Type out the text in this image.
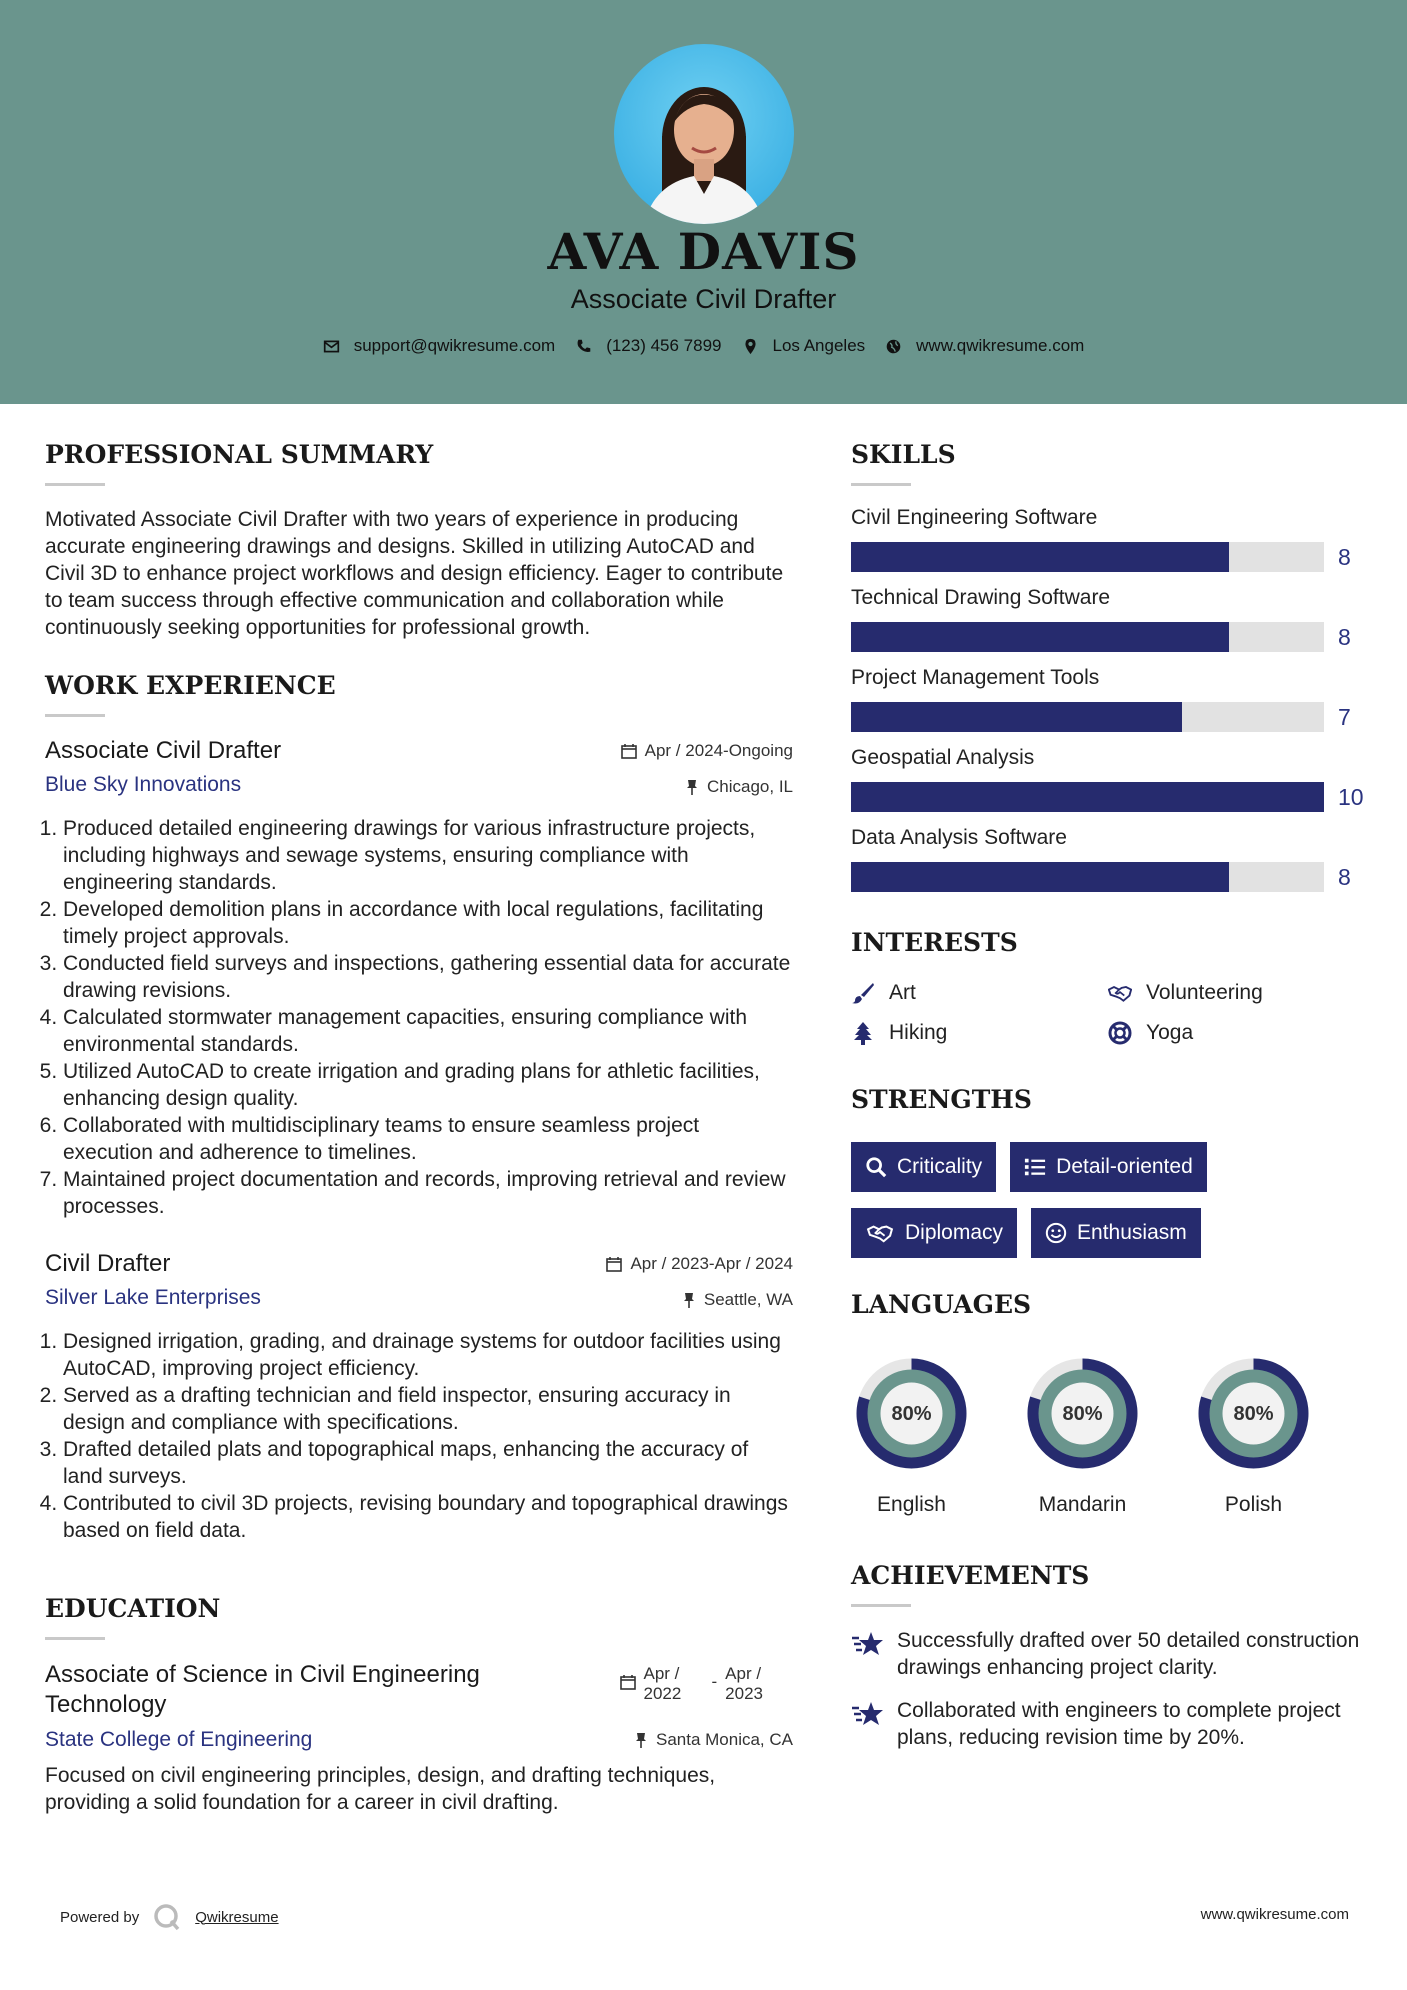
AVA DAVIS
Associate Civil Drafter
support@qwikresume.com	(123) 456 7899	Los Angeles	www.qwikresume.com
PROFESSIONAL SUMMARY
Motivated Associate Civil Drafter with two years of experience in producing accurate engineering drawings and designs. Skilled in utilizing AutoCAD and Civil 3D to enhance project workflows and design efficiency. Eager to contribute to team success through effective communication and collaboration while continuously seeking opportunities for professional growth.
WORK EXPERIENCE
Associate Civil Drafter	Apr / 2024-Ongoing
Blue Sky Innovations	Chicago, IL
1. Produced detailed engineering drawings for various infrastructure projects, including highways and sewage systems, ensuring compliance with engineering standards.
2. Developed demolition plans in accordance with local regulations, facilitating timely project approvals.
3. Conducted field surveys and inspections, gathering essential data for accurate drawing revisions.
4. Calculated stormwater management capacities, ensuring compliance with environmental standards.
5. Utilized AutoCAD to create irrigation and grading plans for athletic facilities, enhancing design quality.
6. Collaborated with multidisciplinary teams to ensure seamless project execution and adherence to timelines.
7. Maintained project documentation and records, improving retrieval and review processes.
Civil Drafter	Apr / 2023-Apr / 2024
Silver Lake Enterprises	Seattle, WA
1. Designed irrigation, grading, and drainage systems for outdoor facilities using AutoCAD, improving project efficiency.
2. Served as a drafting technician and field inspector, ensuring accuracy in design and compliance with specifications.
3. Drafted detailed plats and topographical maps, enhancing the accuracy of land surveys.
4. Contributed to civil 3D projects, revising boundary and topographical drawings based on field data.
EDUCATION
Associate of Science in Civil Engineering Technology
Apr /
2022
- Apr /
2023
State College of Engineering	Santa Monica, CA
Focused on civil engineering principles, design, and drafting techniques, providing a solid foundation for a career in civil drafting.
SKILLS
Civil Engineering Software
8
Technical Drawing Software
8
Project Management Tools
7
Geospatial Analysis
10
Data Analysis Software
8
INTERESTS
Art	Volunteering
Hiking	Yoga
STRENGTHS
Criticality	Detail-oriented
Diplomacy	Enthusiasm
LANGUAGES
80%
English
80%
Mandarin
80%
Polish
ACHIEVEMENTS
Successfully drafted over 50 detailed construction drawings enhancing project clarity.
Collaborated with engineers to complete project plans, reducing revision time by 20%.
Powered by	Qwikresume	www.qwikresume.com
